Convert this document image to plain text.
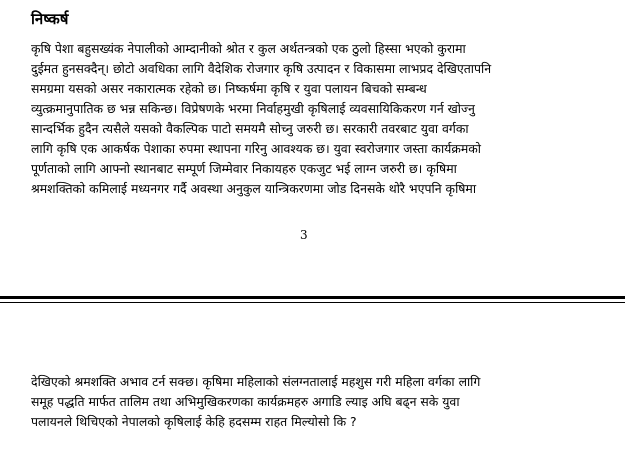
निष्कर्ष
कृषि पेशा बहुसख्यंक नेपालीको आम्दानीको श्रोत र कुल अर्थतन्त्रको एक ठुलो हिस्सा भएको कुरामा
दुईमत हुनसक्दैन्। छोटो अवधिका लागि वैदेशिक रोजगार कृषि उत्पादन र विकासमा लाभप्रद देखिएतापनि
समग्रमा यसको असर नकारात्मक रहेको छ। निष्कर्षमा कृषि र युवा पलायन बिचको सम्बन्ध
व्युत्क्रमानुपातिक छ भन्न सकिन्छ। विप्रेषणके भरमा निर्वाहमुखी कृषिलाई व्यवसायिकिकरण गर्न खोज्नु
सान्दर्भिक हुदैन त्यसैले यसको वैकल्पिक पाटो समयमै सोच्नु जरुरी छ। सरकारी तवरबाट युवा वर्गका
लागि कृषि एक आकर्षक पेशाका रुपमा स्थापना गरिनु आवश्यक छ। युवा स्वरोजगार जस्ता कार्यक्रमको
पूर्णताको लागि आफ्नो स्थानबाट सम्पूर्ण जिम्मेवार निकायहरु एकजुट भई लाग्न जरुरी छ। कृषिमा
श्रमशक्तिको कमिलाई मध्यनगर गर्दै अवस्था अनुकुल यान्त्रिकरणमा जोड दिनसके थोरै भएपनि कृषिमा
3
देखिएको श्रमशक्ति अभाव टर्न सक्छ। कृषिमा महिलाको संलग्नतालाई महशुस गरी महिला वर्गका लागि
समूह पद्धति मार्फत तालिम तथा अभिमुखिकरणका कार्यक्रमहरु अगाडि ल्याइ अघि बढ्न सके युवा
पलायनले थिचिएको नेपालको कृषिलाई केहि हदसम्म राहत मिल्योसो कि ?
